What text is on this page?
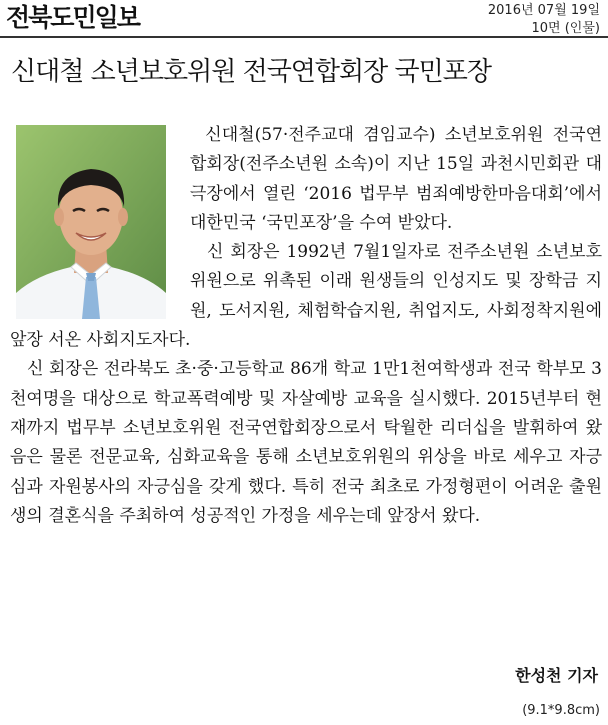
전북도민일보	2016년 07월 19일
10면 (인물)
신대철 소년보호위원 전국연합회장 국민포장

신대철(57·전주교대 겸임교수) 소년보호위원 전국연합회장(전주소년원 소속)이 지난 15일 과천시민회관 대극장에서 열린 ‘2016 법무부 범죄예방한마음대회’에서 대한민국 ‘국민포장’을 수여 받았다.

신 회장은 1992년 7월1일자로 전주소년원 소년보호위원으로 위촉된 이래 원생들의 인성지도 및 장학금 지원, 도서지원, 체험학습지원, 취업지도, 사회정착지원에 앞장 서온 사회지도자다.

신 회장은 전라북도 초·중·고등학교 86개 학교 1만1천여학생과 전국 학부모 3천여명을 대상으로 학교폭력예방 및 자살예방 교육을 실시했다. 2015년부터 현재까지 법무부 소년보호위원 전국연합회장으로서 탁월한 리더십을 발휘하여 왔음은 물론 전문교육, 심화교육을 통해 소년보호위원의 위상을 바로 세우고 자긍심과 자원봉사의 자긍심을 갖게 했다. 특히 전국 최초로 가정형편이 어려운 출원생의 결혼식을 주최하여 성공적인 가정을 세우는데 앞장서 왔다.

한성천 기자
(9.1*9.8cm)
